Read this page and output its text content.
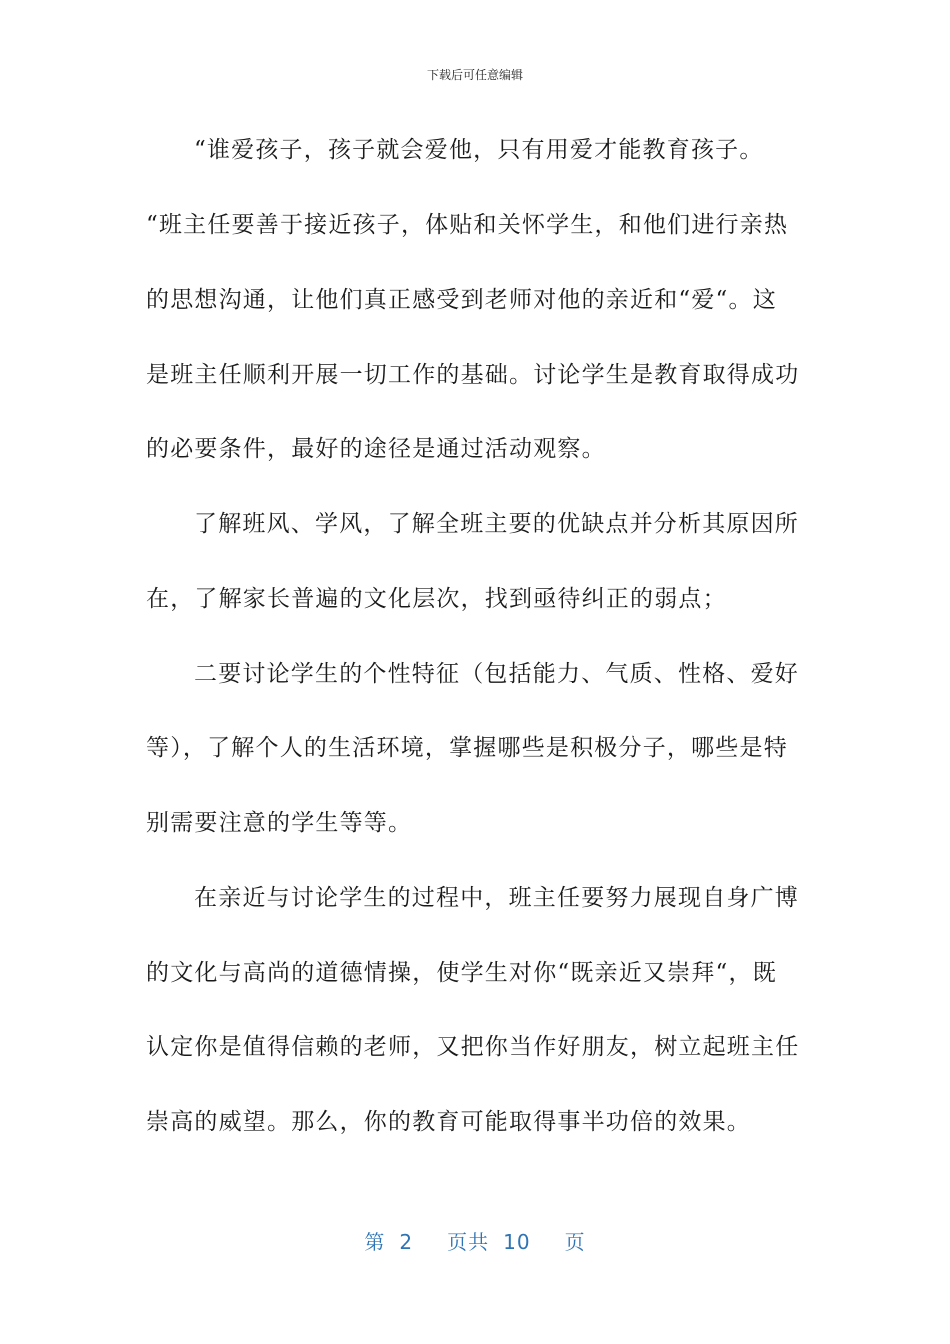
下载后可任意编辑
“谁爱孩子，孩子就会爱他，只有用爱才能教育孩子。
“班主任要善于接近孩子，体贴和关怀学生，和他们进行亲热
的思想沟通，让他们真正感受到老师对他的亲近和“爱“。这
是班主任顺利开展一切工作的基础。讨论学生是教育取得成功
的必要条件，最好的途径是通过活动观察。
了解班风、学风，了解全班主要的优缺点并分析其原因所
在，了解家长普遍的文化层次，找到亟待纠正的弱点；
二要讨论学生的个性特征（包括能力、气质、性格、爱好
等），了解个人的生活环境，掌握哪些是积极分子，哪些是特
别需要注意的学生等等。
在亲近与讨论学生的过程中，班主任要努力展现自身广博
的文化与高尚的道德情操，使学生对你“既亲近又崇拜“，既
认定你是值得信赖的老师，又把你当作好朋友，树立起班主任
崇高的威望。那么，你的教育可能取得事半功倍的效果。
第 2 页共 10 页
